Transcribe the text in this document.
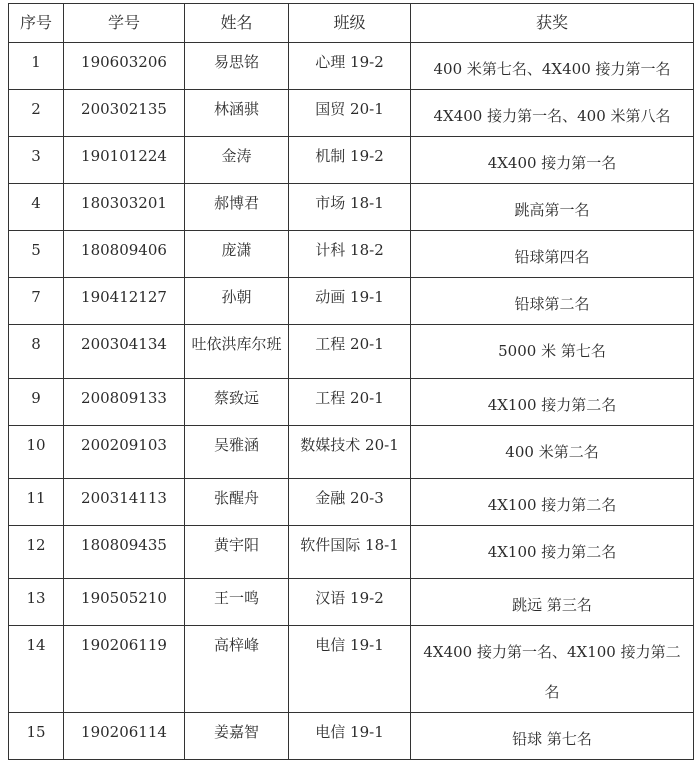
序号	学号	姓名	班级	获奖

1	190603206	易思铭	心理 19-2	400 米第七名、4X400 接力第一名

2	200302135	林涵骐	国贸 20-1	4X400 接力第一名、400 米第八名

3	190101224	金涛	机制 19-2	4X400 接力第一名

4	180303201	郝博君	市场 18-1	跳高第一名

5	180809406	庞潇	计科 18-2	铅球第四名

7	190412127	孙朝	动画 19-1	铅球第二名

8	200304134	吐依洪库尔班	工程 20-1	5000 米 第七名

9	200809133	蔡致远	工程 20-1	4X100 接力第二名

10	200209103	吴雅涵	数媒技术 20-1	400 米第二名

11	200314113	张醒舟	金融 20-3	4X100 接力第二名

12	180809435	黄宇阳	软件国际 18-1	4X100 接力第二名

13	190505210	王一鸣	汉语 19-2	跳远 第三名

14	190206119	高梓峰	电信 19-1	4X400 接力第一名、4X100 接力第二名

15	190206114	姜嘉智	电信 19-1	铅球 第七名
